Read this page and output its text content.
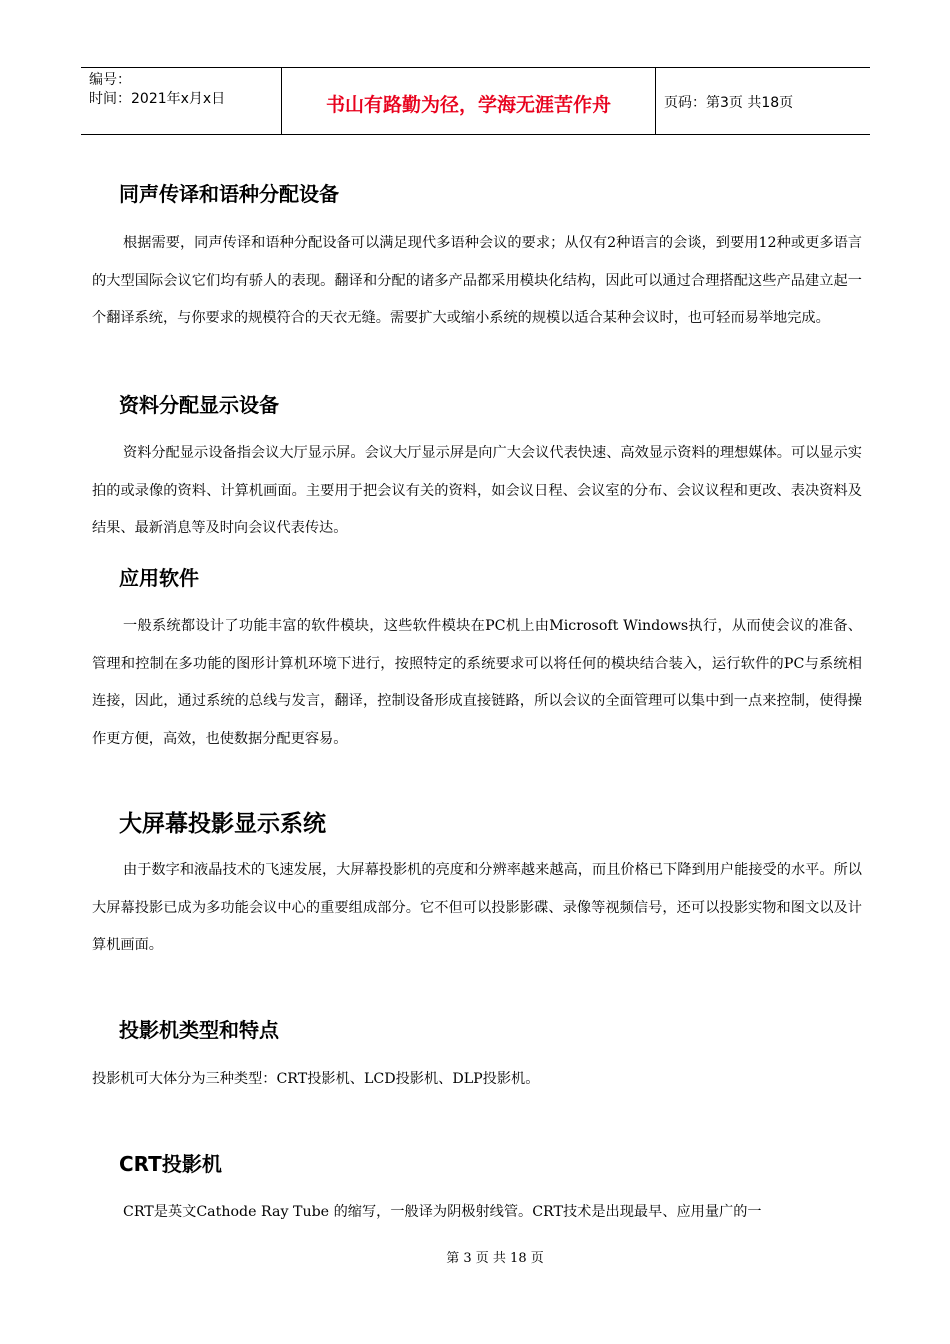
编号：
时间：2021年x月x日	书山有路勤为径，学海无涯苦作舟	页码：第3页 共18页
同声传译和语种分配设备

根据需要，同声传译和语种分配设备可以满足现代多语种会议的要求；从仅有2种语言的会谈，到要用12种或更多语言的大型国际会议它们均有骄人的表现。翻译和分配的诸多产品都采用模块化结构，因此可以通过合理搭配这些产品建立起一个翻译系统，与你要求的规模符合的天衣无缝。需要扩大或缩小系统的规模以适合某种会议时，也可轻而易举地完成。

资料分配显示设备

资料分配显示设备指会议大厅显示屏。会议大厅显示屏是向广大会议代表快速、高效显示资料的理想媒体。可以显示实拍的或录像的资料、计算机画面。主要用于把会议有关的资料，如会议日程、会议室的分布、会议议程和更改、表决资料及结果、最新消息等及时向会议代表传达。

应用软件

一般系统都设计了功能丰富的软件模块，这些软件模块在PC机上由Microsoft Windows执行，从而使会议的准备、管理和控制在多功能的图形计算机环境下进行，按照特定的系统要求可以将任何的模块结合装入，运行软件的PC与系统相连接，因此，通过系统的总线与发言，翻译，控制设备形成直接链路，所以会议的全面管理可以集中到一点来控制，使得操作更方便，高效，也使数据分配更容易。

大屏幕投影显示系统

由于数字和液晶技术的飞速发展，大屏幕投影机的亮度和分辨率越来越高，而且价格已下降到用户能接受的水平。所以大屏幕投影已成为多功能会议中心的重要组成部分。它不但可以投影影碟、录像等视频信号，还可以投影实物和图文以及计算机画面。

投影机类型和特点

投影机可大体分为三种类型：CRT投影机、LCD投影机、DLP投影机。

CRT投影机

CRT是英文Cathode Ray Tube 的缩写，一般译为阴极射线管。CRT技术是出现最早、应用量广的一

第 3 页 共 18 页
